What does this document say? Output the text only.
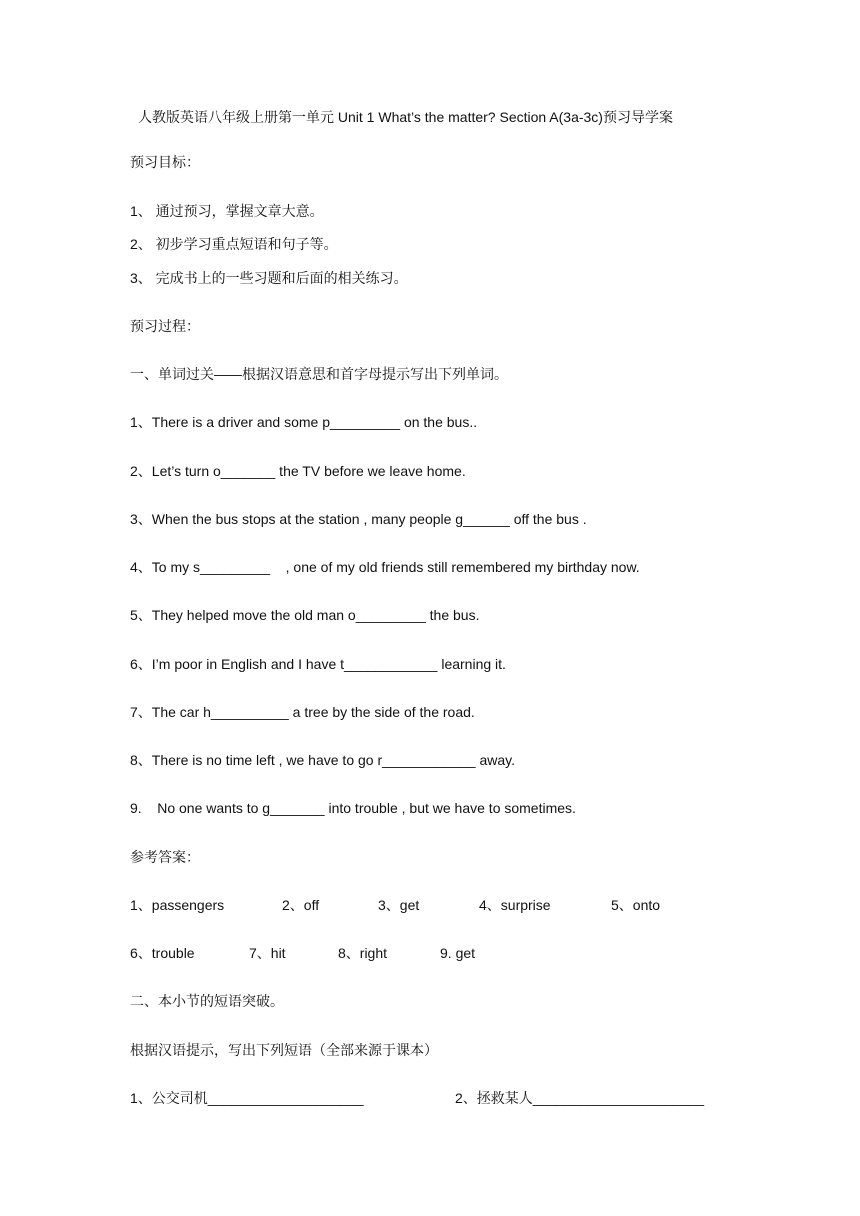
人教版英语八年级上册第一单元 Unit 1 What’s the matter? Section A(3a-3c)预习导学案
预习目标：
1、 通过预习，掌握文章大意。
2、 初步学习重点短语和句子等。
3、 完成书上的一些习题和后面的相关练习。
预习过程：
一、单词过关——根据汉语意思和首字母提示写出下列单词。
1、There is a driver and some p_________ on the bus..
2、Let’s turn o_______ the TV before we leave home.
3、When the bus stops at the station , many people g______ off the bus .
4、To my s_________    , one of my old friends still remembered my birthday now.
5、They helped move the old man o_________ the bus.
6、I’m poor in English and I have t____________ learning it.
7、The car h__________ a tree by the side of the road.
8、There is no time left , we have to go r____________ away.
9.    No one wants to g_______ into trouble , but we have to sometimes.
参考答案：
1、passengers	2、off	3、get	4、surprise	5、onto
6、trouble	7、hit	8、right	9. get
二、本小节的短语突破。
根据汉语提示，写出下列短语（全部来源于课本）
1、公交司机____________________	2、拯救某人______________________
